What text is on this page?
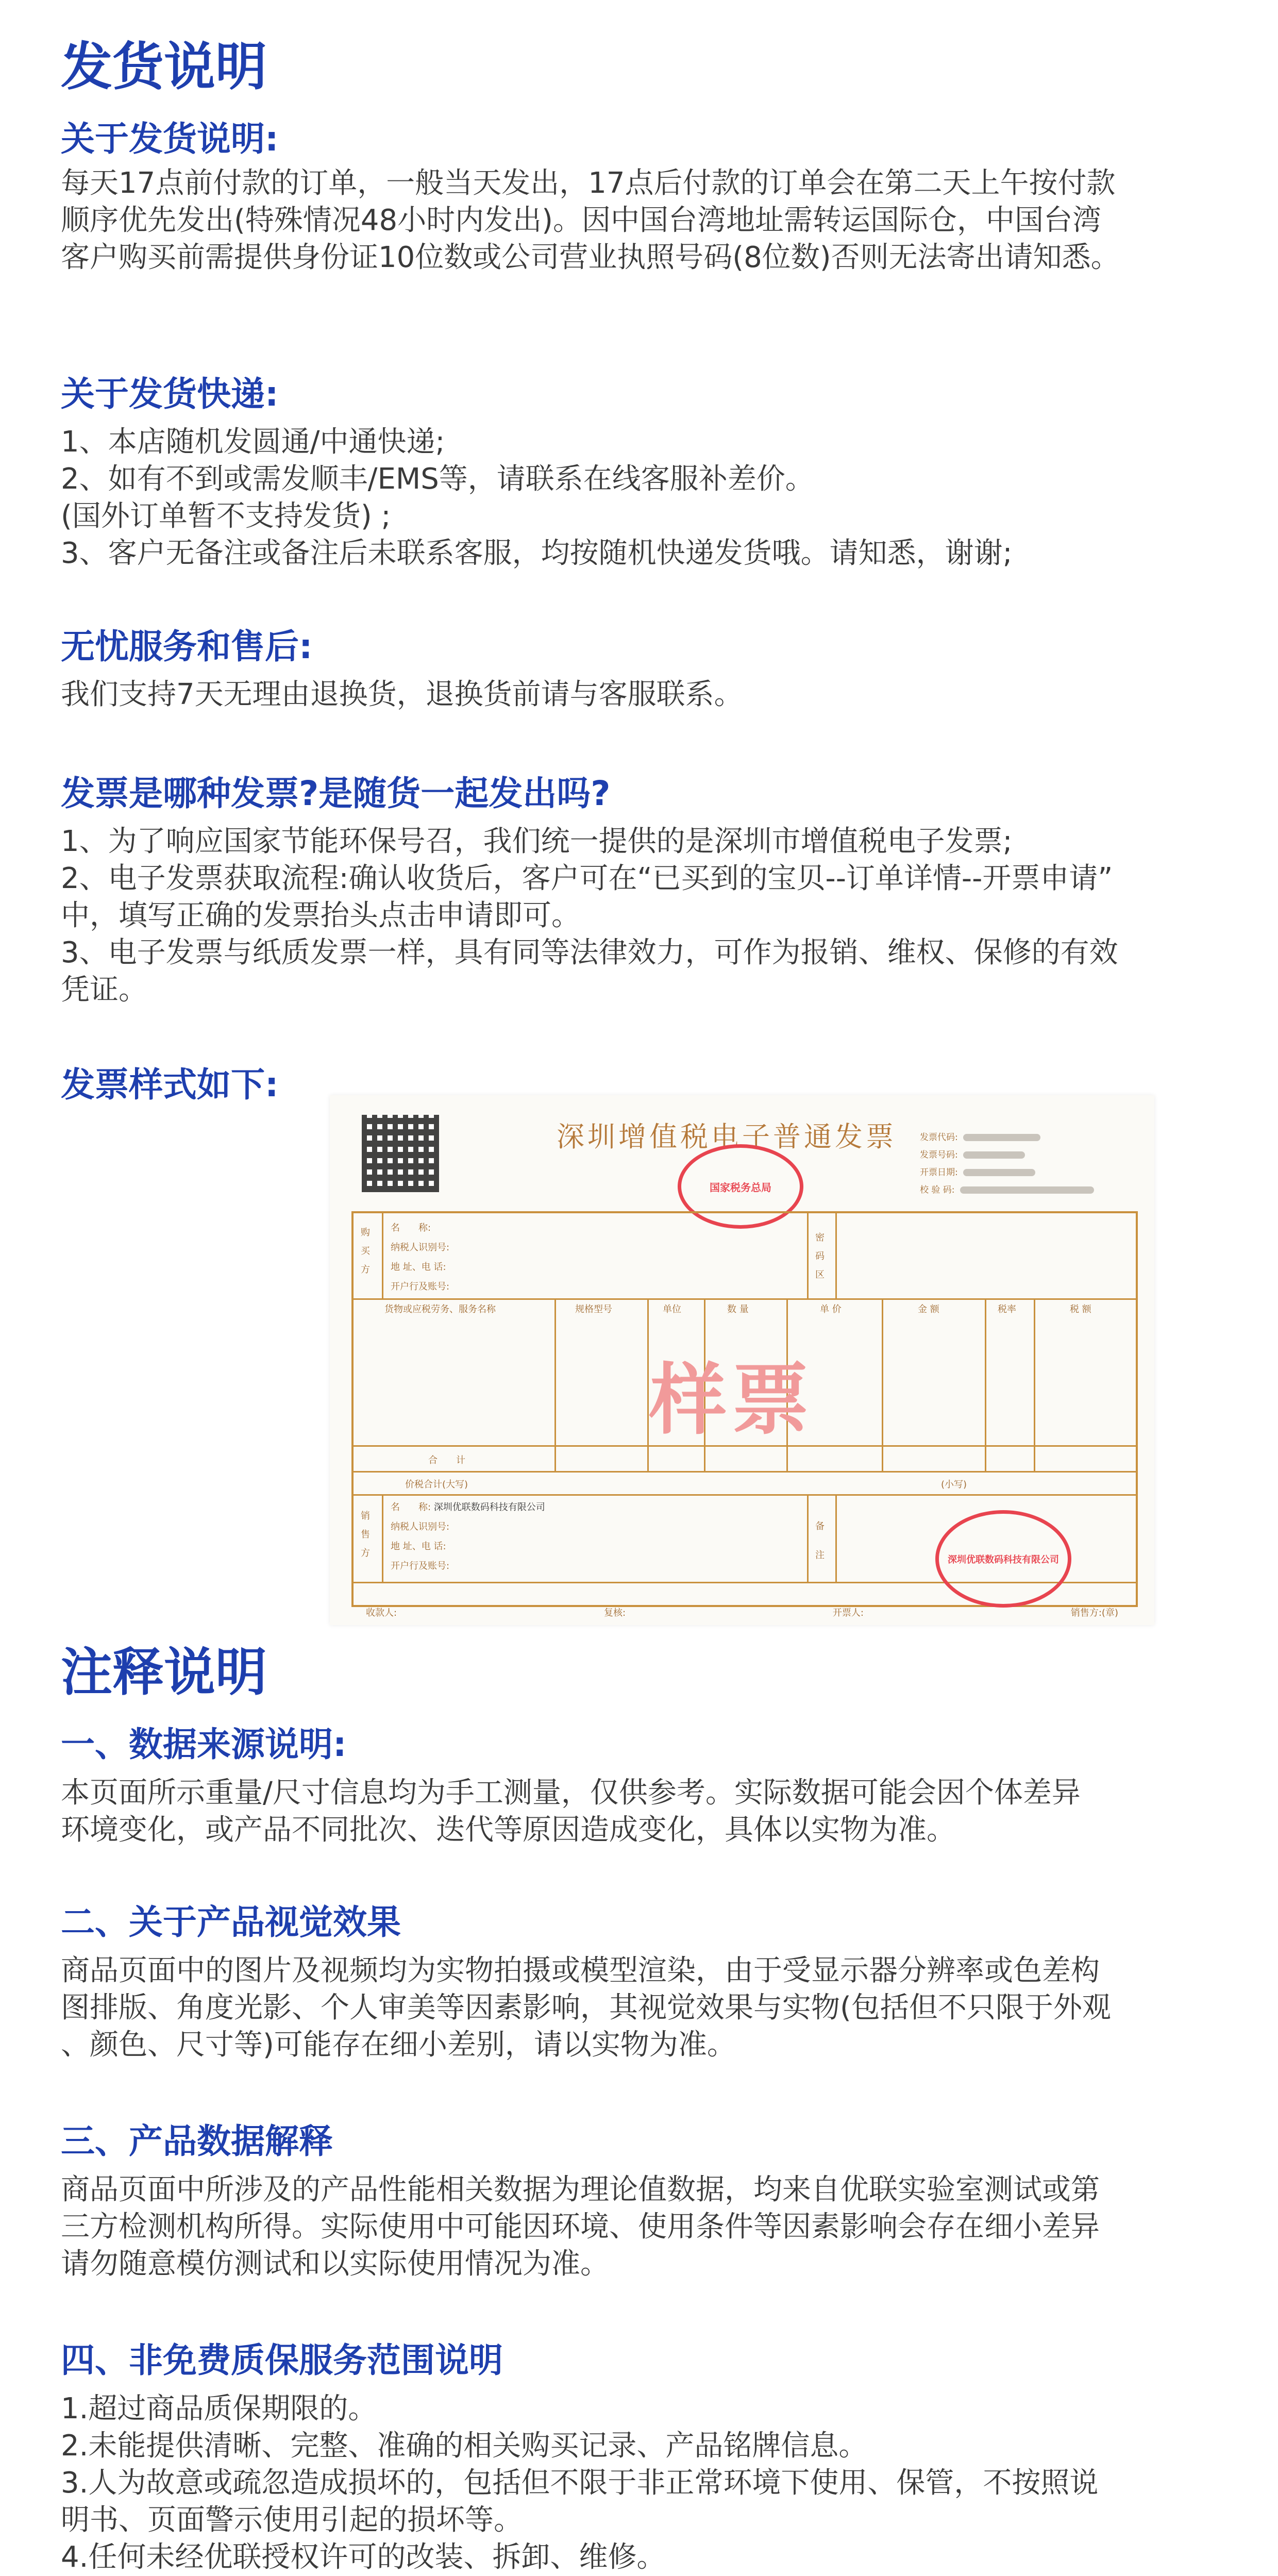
发货说明
关于发货说明:
每天17点前付款的订单，一般当天发出，17点后付款的订单会在第二天上午按付款
顺序优先发出(特殊情况48小时内发出)。因中国台湾地址需转运国际仓，中国台湾
客户购买前需提供身份证10位数或公司营业执照号码(8位数)否则无法寄出请知悉。
关于发货快递:
1、本店随机发圆通/中通快递;
2、如有不到或需发顺丰/EMS等，请联系在线客服补差价。
(国外订单暂不支持发货) ;
3、客户无备注或备注后未联系客服，均按随机快递发货哦。请知悉，谢谢;
无忧服务和售后:
我们支持7天无理由退换货，退换货前请与客服联系。
发票是哪种发票?是随货一起发出吗?
1、为了响应国家节能环保号召，我们统一提供的是深圳市增值税电子发票;
2、电子发票获取流程:确认收货后，客户可在“已买到的宝贝--订单详情--开票申请”
中，填写正确的发票抬头点击申请即可。
3、电子发票与纸质发票一样，具有同等法律效力，可作为报销、维权、保修的有效
凭证。
发票样式如下:
深圳增值税电子普通发票
国家税务总局
发票代码:
发票号码:
开票日期:
校 验 码:
购买方
名　　称:
纳税人识别号:
地 址、电 话:
开户行及账号:
密码区
货物或应税劳务、服务名称	规格型号	单位	数 量	单 价	金 额	税率	税 额
合　　计
价税合计(大写)	(小写)
销售方
名　　称: 深圳优联数码科技有限公司
纳税人识别号:
地 址、电 话:
开户行及账号:
备注
样票
深圳优联数码科技有限公司
收款人:	复核:	开票人:	销售方:(章)
注释说明
一、数据来源说明:
本页面所示重量/尺寸信息均为手工测量，仅供参考。实际数据可能会因个体差异
环境变化，或产品不同批次、迭代等原因造成变化，具体以实物为准。
二、关于产品视觉效果
商品页面中的图片及视频均为实物拍摄或模型渲染，由于受显示器分辨率或色差构
图排版、角度光影、个人审美等因素影响，其视觉效果与实物(包括但不只限于外观
、颜色、尺寸等)可能存在细小差别，请以实物为准。
三、产品数据解释
商品页面中所涉及的产品性能相关数据为理论值数据，均来自优联实验室测试或第
三方检测机构所得。实际使用中可能因环境、使用条件等因素影响会存在细小差异
请勿随意模仿测试和以实际使用情况为准。
四、非免费质保服务范围说明
1.超过商品质保期限的。
2.未能提供清晰、完整、准确的相关购买记录、产品铭牌信息。
3.人为故意或疏忽造成损坏的，包括但不限于非正常环境下使用、保管，不按照说
明书、页面警示使用引起的损坏等。
4.任何未经优联授权许可的改装、拆卸、维修。
